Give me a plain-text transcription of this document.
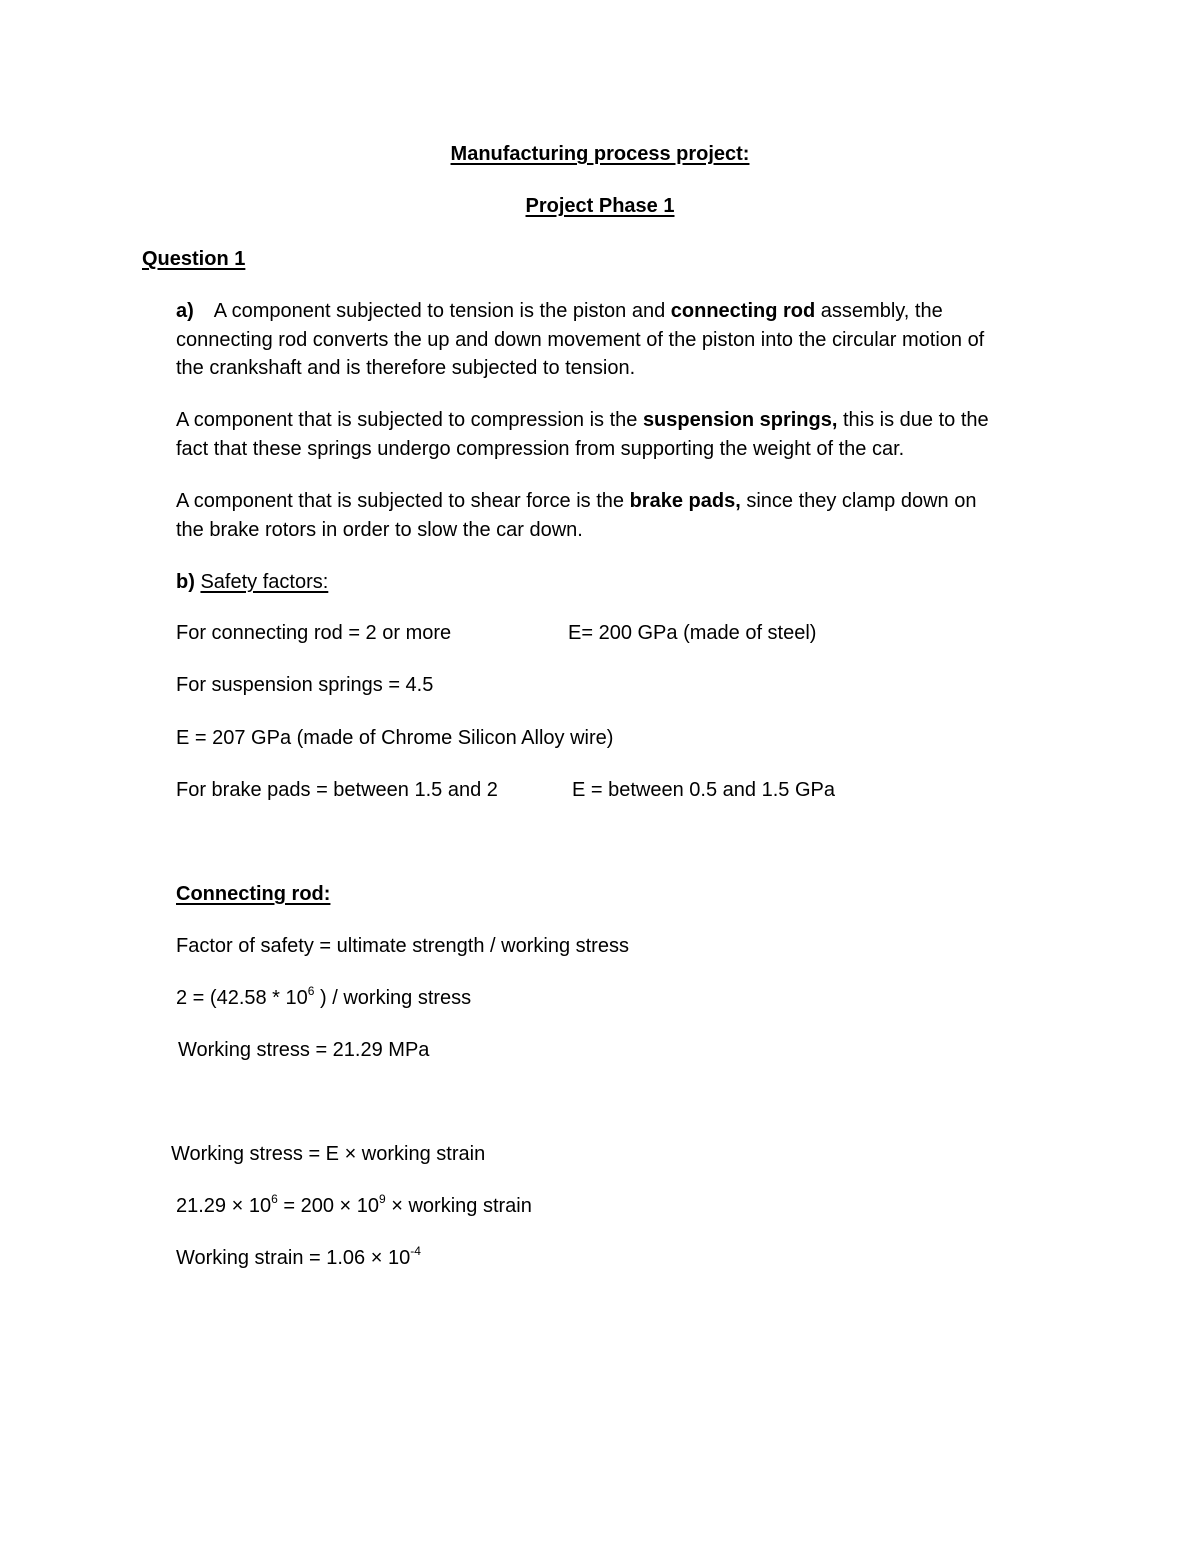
Manufacturing process project:
Project Phase 1
Question 1
a) A component subjected to tension is the piston and connecting rod assembly, the
connecting rod converts the up and down movement of the piston into the circular motion of
the crankshaft and is therefore subjected to tension.
A component that is subjected to compression is the suspension springs, this is due to the
fact that these springs undergo compression from supporting the weight of the car.
A component that is subjected to shear force is the brake pads, since they clamp down on
the brake rotors in order to slow the car down.
b) Safety factors:
For connecting rod = 2 or more	E= 200 GPa (made of steel)
For suspension springs = 4.5
E = 207 GPa (made of Chrome Silicon Alloy wire)
For brake pads = between 1.5 and 2	E = between 0.5 and 1.5 GPa
Connecting rod:
Factor of safety = ultimate strength / working stress
$2 = (42.58 * 10^6$ ) / working stress
Working stress = 21.29 MPa
Working stress = E × working strain
$21.29 \times 10^6 = 200 \times 10^9$ × working strain
Working strain = $1.06 \times 10^{-4}$
